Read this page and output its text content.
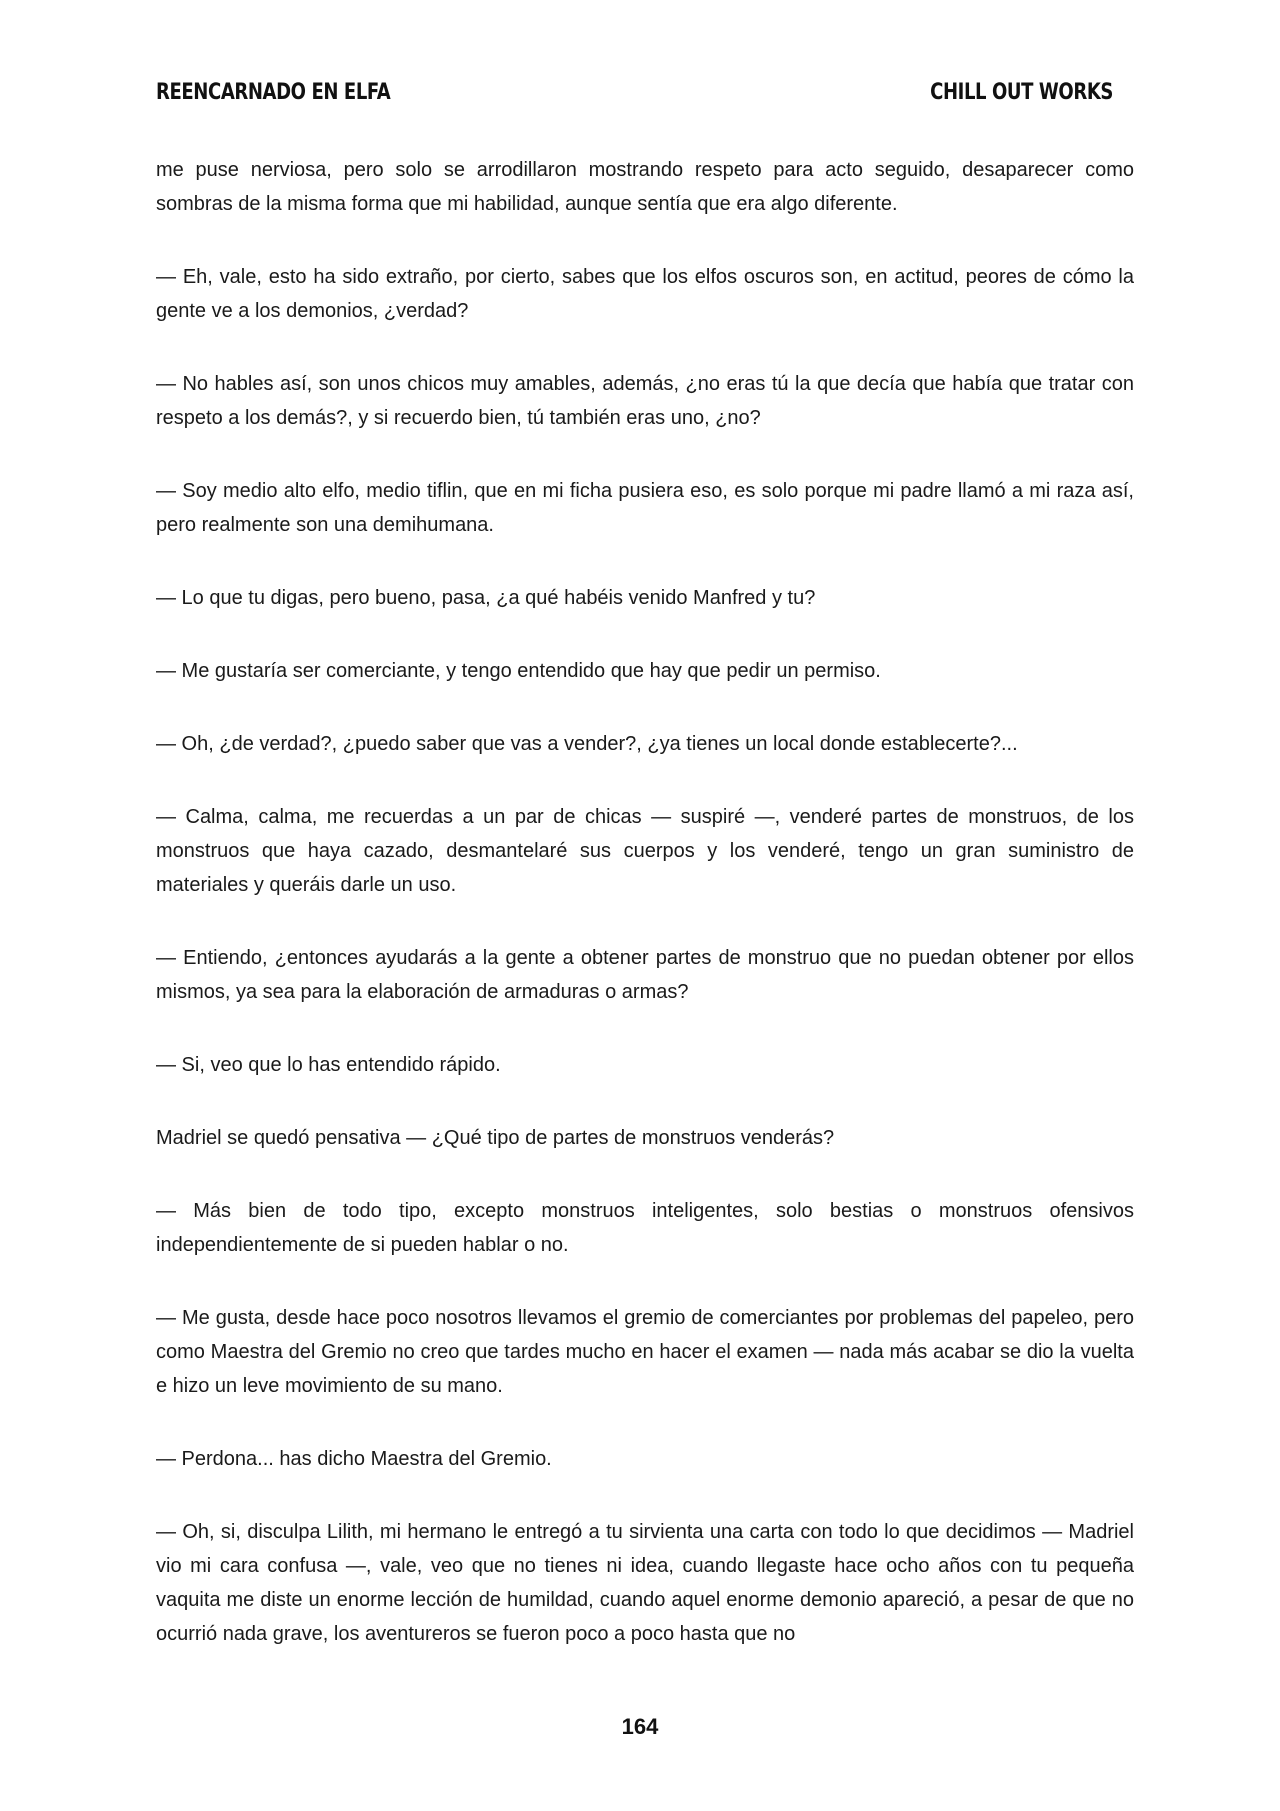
REENCARNADO EN ELFA	CHILL OUT WORKS

me puse nerviosa, pero solo se arrodillaron mostrando respeto para acto seguido, desaparecer como sombras de la misma forma que mi habilidad, aunque sentía que era algo diferente.

— Eh, vale, esto ha sido extraño, por cierto, sabes que los elfos oscuros son, en actitud, peores de cómo la gente ve a los demonios, ¿verdad?

— No hables así, son unos chicos muy amables, además, ¿no eras tú la que decía que había que tratar con respeto a los demás?, y si recuerdo bien, tú también eras uno, ¿no?

— Soy medio alto elfo, medio tiflin, que en mi ficha pusiera eso, es solo porque mi padre llamó a mi raza así, pero realmente son una demihumana.

— Lo que tu digas, pero bueno, pasa, ¿a qué habéis venido Manfred y tu?

— Me gustaría ser comerciante, y tengo entendido que hay que pedir un permiso.

— Oh, ¿de verdad?, ¿puedo saber que vas a vender?, ¿ya tienes un local donde establecerte?...

— Calma, calma, me recuerdas a un par de chicas — suspiré —, venderé partes de monstruos, de los monstruos que haya cazado, desmantelaré sus cuerpos y los venderé, tengo un gran suministro de materiales y queráis darle un uso.

— Entiendo, ¿entonces ayudarás a la gente a obtener partes de monstruo que no puedan obtener por ellos mismos, ya sea para la elaboración de armaduras o armas?

— Si, veo que lo has entendido rápido.

Madriel se quedó pensativa — ¿Qué tipo de partes de monstruos venderás?

— Más bien de todo tipo, excepto monstruos inteligentes, solo bestias o monstruos ofensivos independientemente de si pueden hablar o no.

— Me gusta, desde hace poco nosotros llevamos el gremio de comerciantes por problemas del papeleo, pero como Maestra del Gremio no creo que tardes mucho en hacer el examen — nada más acabar se dio la vuelta e hizo un leve movimiento de su mano.

— Perdona... has dicho Maestra del Gremio.

— Oh, si, disculpa Lilith, mi hermano le entregó a tu sirvienta una carta con todo lo que decidimos — Madriel vio mi cara confusa —, vale, veo que no tienes ni idea, cuando llegaste hace ocho años con tu pequeña vaquita me diste un enorme lección de humildad, cuando aquel enorme demonio apareció, a pesar de que no ocurrió nada grave, los aventureros se fueron poco a poco hasta que no

164
